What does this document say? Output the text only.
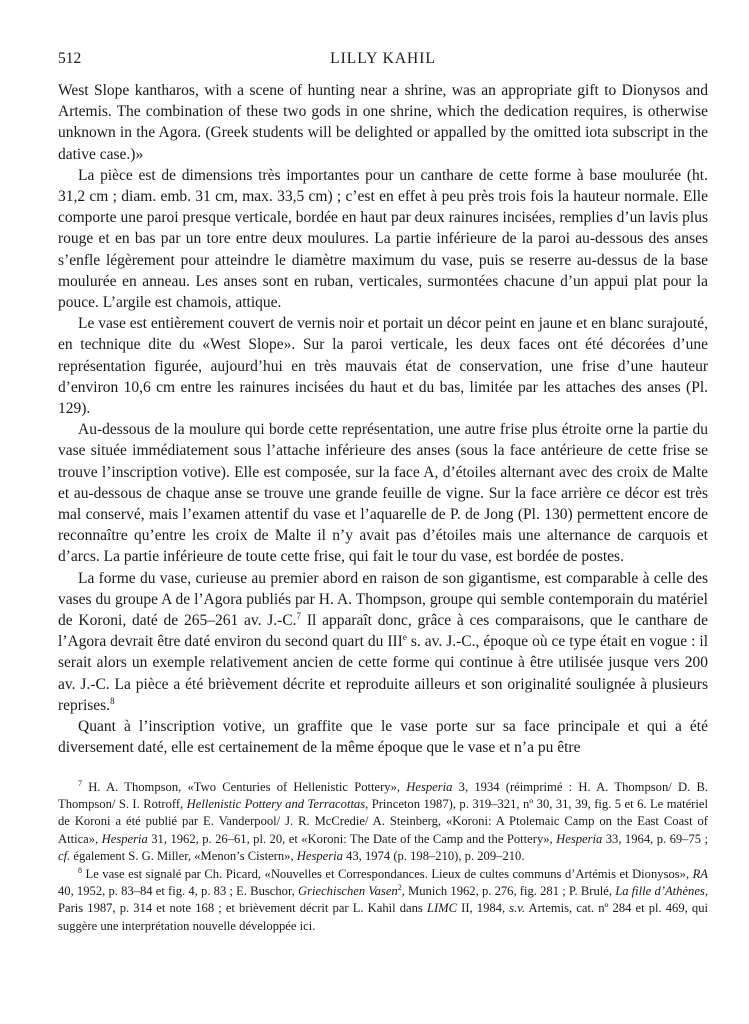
512	LILLY KAHIL

West Slope kantharos, with a scene of hunting near a shrine, was an appropriate gift to Dionysos and Artemis. The combination of these two gods in one shrine, which the dedication requires, is otherwise unknown in the Agora. (Greek students will be delighted or appalled by the omitted iota subscript in the dative case.)»

La pièce est de dimensions très importantes pour un canthare de cette forme à base moulurée (ht. 31,2 cm ; diam. emb. 31 cm, max. 33,5 cm) ; c’est en effet à peu près trois fois la hauteur normale. Elle comporte une paroi presque verticale, bordée en haut par deux rainures incisées, remplies d’un lavis plus rouge et en bas par un tore entre deux moulures. La partie inférieure de la paroi au-dessous des anses s’enfle légèrement pour atteindre le diamètre maximum du vase, puis se reserre au-dessus de la base moulurée en anneau. Les anses sont en ruban, verticales, surmontées chacune d’un appui plat pour la pouce. L’argile est chamois, attique.

Le vase est entièrement couvert de vernis noir et portait un décor peint en jaune et en blanc surajouté, en technique dite du «West Slope». Sur la paroi verticale, les deux faces ont été décorées d’une représentation figurée, aujourd’hui en très mauvais état de conservation, une frise d’une hauteur d’environ 10,6 cm entre les rainures incisées du haut et du bas, limitée par les attaches des anses (Pl. 129).

Au-dessous de la moulure qui borde cette représentation, une autre frise plus étroite orne la partie du vase située immédiatement sous l’attache inférieure des anses (sous la face antérieure de cette frise se trouve l’inscription votive). Elle est composée, sur la face A, d’étoiles alternant avec des croix de Malte et au-dessous de chaque anse se trouve une grande feuille de vigne. Sur la face arrière ce décor est très mal conservé, mais l’examen attentif du vase et l’aquarelle de P. de Jong (Pl. 130) permettent encore de reconnaître qu’entre les croix de Malte il n’y avait pas d’étoiles mais une alternance de carquois et d’arcs. La partie inférieure de toute cette frise, qui fait le tour du vase, est bordée de postes.

La forme du vase, curieuse au premier abord en raison de son gigantisme, est comparable à celle des vases du groupe A de l’Agora publiés par H. A. Thompson, groupe qui semble contemporain du matériel de Koroni, daté de 265–261 av. J.-C.$^7$ Il apparaît donc, grâce à ces comparaisons, que le canthare de l’Agora devrait être daté environ du second quart du IIIe s. av. J.-C., époque où ce type était en vogue : il serait alors un exemple relativement ancien de cette forme qui continue à être utilisée jusque vers 200 av. J.-C. La pièce a été brièvement décrite et reproduite ailleurs et son originalité soulignée à plusieurs reprises.$^8$

Quant à l’inscription votive, un graffite que le vase porte sur sa face principale et qui a été diversement daté, elle est certainement de la même époque que le vase et n’a pu être

$^7$ H. A. Thompson, «Two Centuries of Hellenistic Pottery», Hesperia 3, 1934 (réimprimé : H. A. Thompson/ D. B. Thompson/ S. I. Rotroff, Hellenistic Pottery and Terracottas, Princeton 1987), p. 319–321, nº 30, 31, 39, fig. 5 et 6. Le matériel de Koroni a été publié par E. Vanderpool/ J. R. McCredie/ A. Steinberg, «Koroni: A Ptolemaic Camp on the East Coast of Attica», Hesperia 31, 1962, p. 26–61, pl. 20, et «Koroni: The Date of the Camp and the Pottery», Hesperia 33, 1964, p. 69–75 ; cf. également S. G. Miller, «Menon’s Cistern», Hesperia 43, 1974 (p. 198–210), p. 209–210.

$^8$ Le vase est signalé par Ch. Picard, «Nouvelles et Correspondances. Lieux de cultes communs d’Artémis et Dionysos», RA 40, 1952, p. 83–84 et fig. 4, p. 83 ; E. Buschor, Griechischen Vasen$^2$, Munich 1962, p. 276, fig. 281 ; P. Brulé, La fille d’Athènes, Paris 1987, p. 314 et note 168 ; et brièvement décrit par L. Kahil dans LIMC II, 1984, s.v. Artemis, cat. nº 284 et pl. 469, qui suggère une interprétation nouvelle développée ici.
